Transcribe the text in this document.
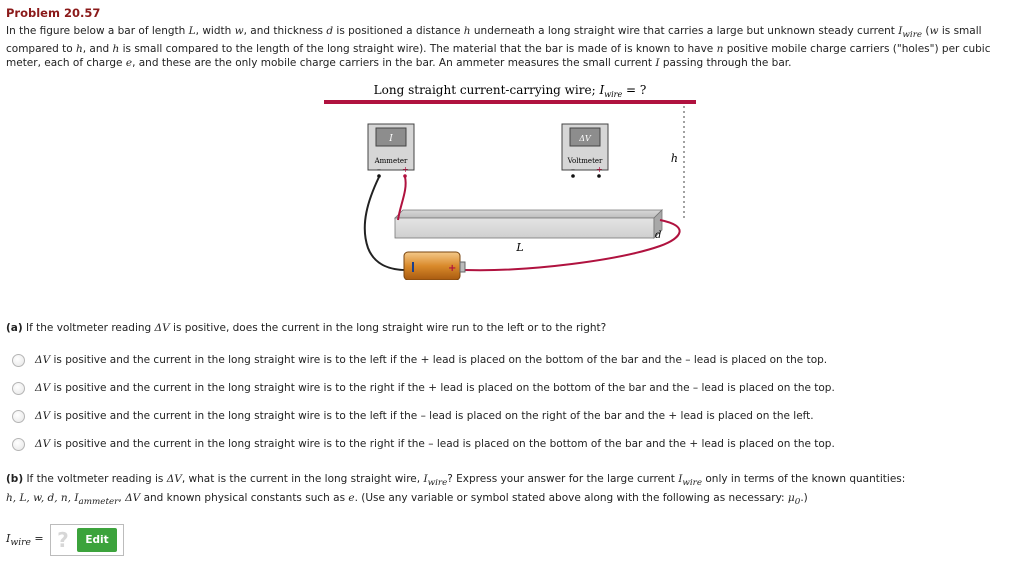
Problem 20.57
In the figure below a bar of length L, width w, and thickness d is positioned a distance h underneath a long straight wire that carries a large but unknown steady current $I_{wire}$ (w is small compared to h, and h is small compared to the length of the long straight wire). The material that the bar is made of is known to have n positive mobile charge carriers ("holes") per cubic meter, each of charge e, and these are the only mobile charge carriers in the bar. An ammeter measures the small current I passing through the bar.
Long straight current-carrying wire; $I_{wire}$ = ?
h
I
Ammeter
–	+
ΔV
Voltmeter
–	+
L
d
+
(a) If the voltmeter reading ΔV is positive, does the current in the long straight wire run to the left or to the right?
ΔV is positive and the current in the long straight wire is to the left if the + lead is placed on the bottom of the bar and the – lead is placed on the top.
ΔV is positive and the current in the long straight wire is to the right if the + lead is placed on the bottom of the bar and the – lead is placed on the top.
ΔV is positive and the current in the long straight wire is to the left if the – lead is placed on the right of the bar and the + lead is placed on the left.
ΔV is positive and the current in the long straight wire is to the right if the – lead is placed on the bottom of the bar and the + lead is placed on the top.
(b) If the voltmeter reading is ΔV, what is the current in the long straight wire, $I_{wire}$? Express your answer for the large current $I_{wire}$ only in terms of the known quantities:
h, L, w, d, n, $I_{ammeter}$, ΔV and known physical constants such as e. (Use any variable or symbol stated above along with the following as necessary: $\mu_0$.)
$I_{wire}$ = ?	Edit
